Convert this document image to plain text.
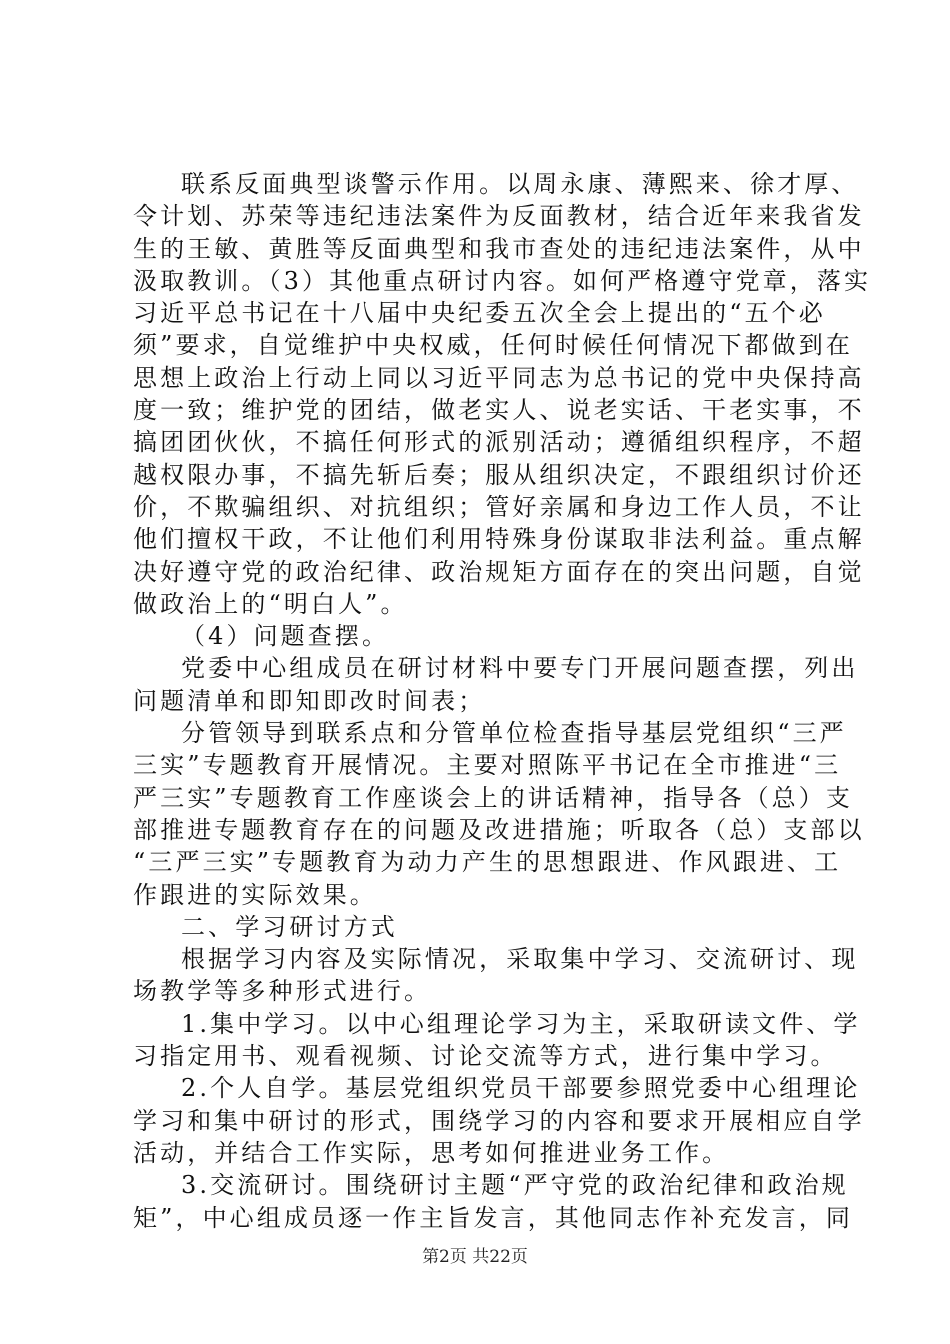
联系反面典型谈警示作用。以周永康、薄熙来、徐才厚、
令计划、苏荣等违纪违法案件为反面教材，结合近年来我省发
生的王敏、黄胜等反面典型和我市查处的违纪违法案件，从中
汲取教训。（3）其他重点研讨内容。如何严格遵守党章，落实
习近平总书记在十八届中央纪委五次全会上提出的“五个必
须”要求，自觉维护中央权威，任何时候任何情况下都做到在
思想上政治上行动上同以习近平同志为总书记的党中央保持高
度一致；维护党的团结，做老实人、说老实话、干老实事，不
搞团团伙伙，不搞任何形式的派别活动；遵循组织程序，不超
越权限办事，不搞先斩后奏；服从组织决定，不跟组织讨价还
价，不欺骗组织、对抗组织；管好亲属和身边工作人员，不让
他们擅权干政，不让他们利用特殊身份谋取非法利益。重点解
决好遵守党的政治纪律、政治规矩方面存在的突出问题，自觉
做政治上的“明白人”。
（4）问题查摆。
党委中心组成员在研讨材料中要专门开展问题查摆，列出
问题清单和即知即改时间表；
分管领导到联系点和分管单位检查指导基层党组织“三严
三实”专题教育开展情况。主要对照陈平书记在全市推进“三
严三实”专题教育工作座谈会上的讲话精神，指导各（总）支
部推进专题教育存在的问题及改进措施；听取各（总）支部以
“三严三实”专题教育为动力产生的思想跟进、作风跟进、工
作跟进的实际效果。
二、学习研讨方式
根据学习内容及实际情况，采取集中学习、交流研讨、现
场教学等多种形式进行。
1.集中学习。以中心组理论学习为主，采取研读文件、学
习指定用书、观看视频、讨论交流等方式，进行集中学习。
2.个人自学。基层党组织党员干部要参照党委中心组理论
学习和集中研讨的形式，围绕学习的内容和要求开展相应自学
活动，并结合工作实际，思考如何推进业务工作。
3.交流研讨。围绕研讨主题“严守党的政治纪律和政治规
矩”，中心组成员逐一作主旨发言，其他同志作补充发言，同
第2页 共22页
